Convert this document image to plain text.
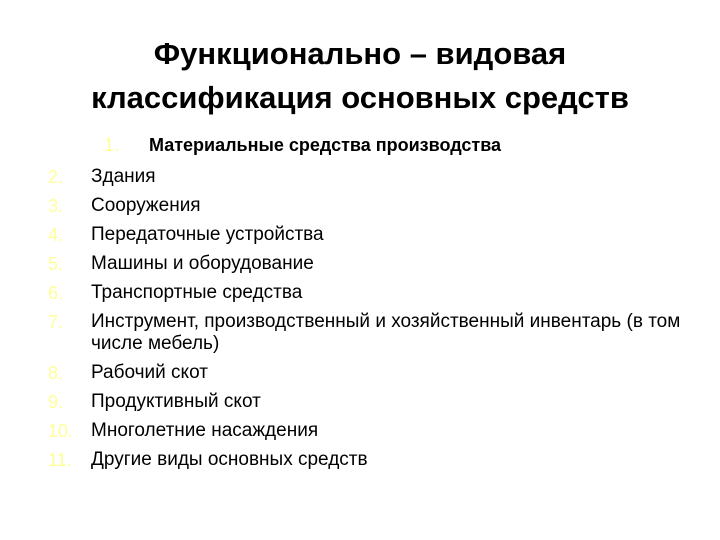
Функционально – видовая
классификация основных средств
1. Материальные средства производства
2.	Здания
3.	Сооружения
4.	Передаточные устройства
5.	Машины и оборудование
6.	Транспортные средства
7.	Инструмент, производственный и хозяйственный инвентарь (в том числе мебель)
8.	Рабочий скот
9.	Продуктивный скот
10. Многолетние насаждения
11.	Другие виды основных средств
